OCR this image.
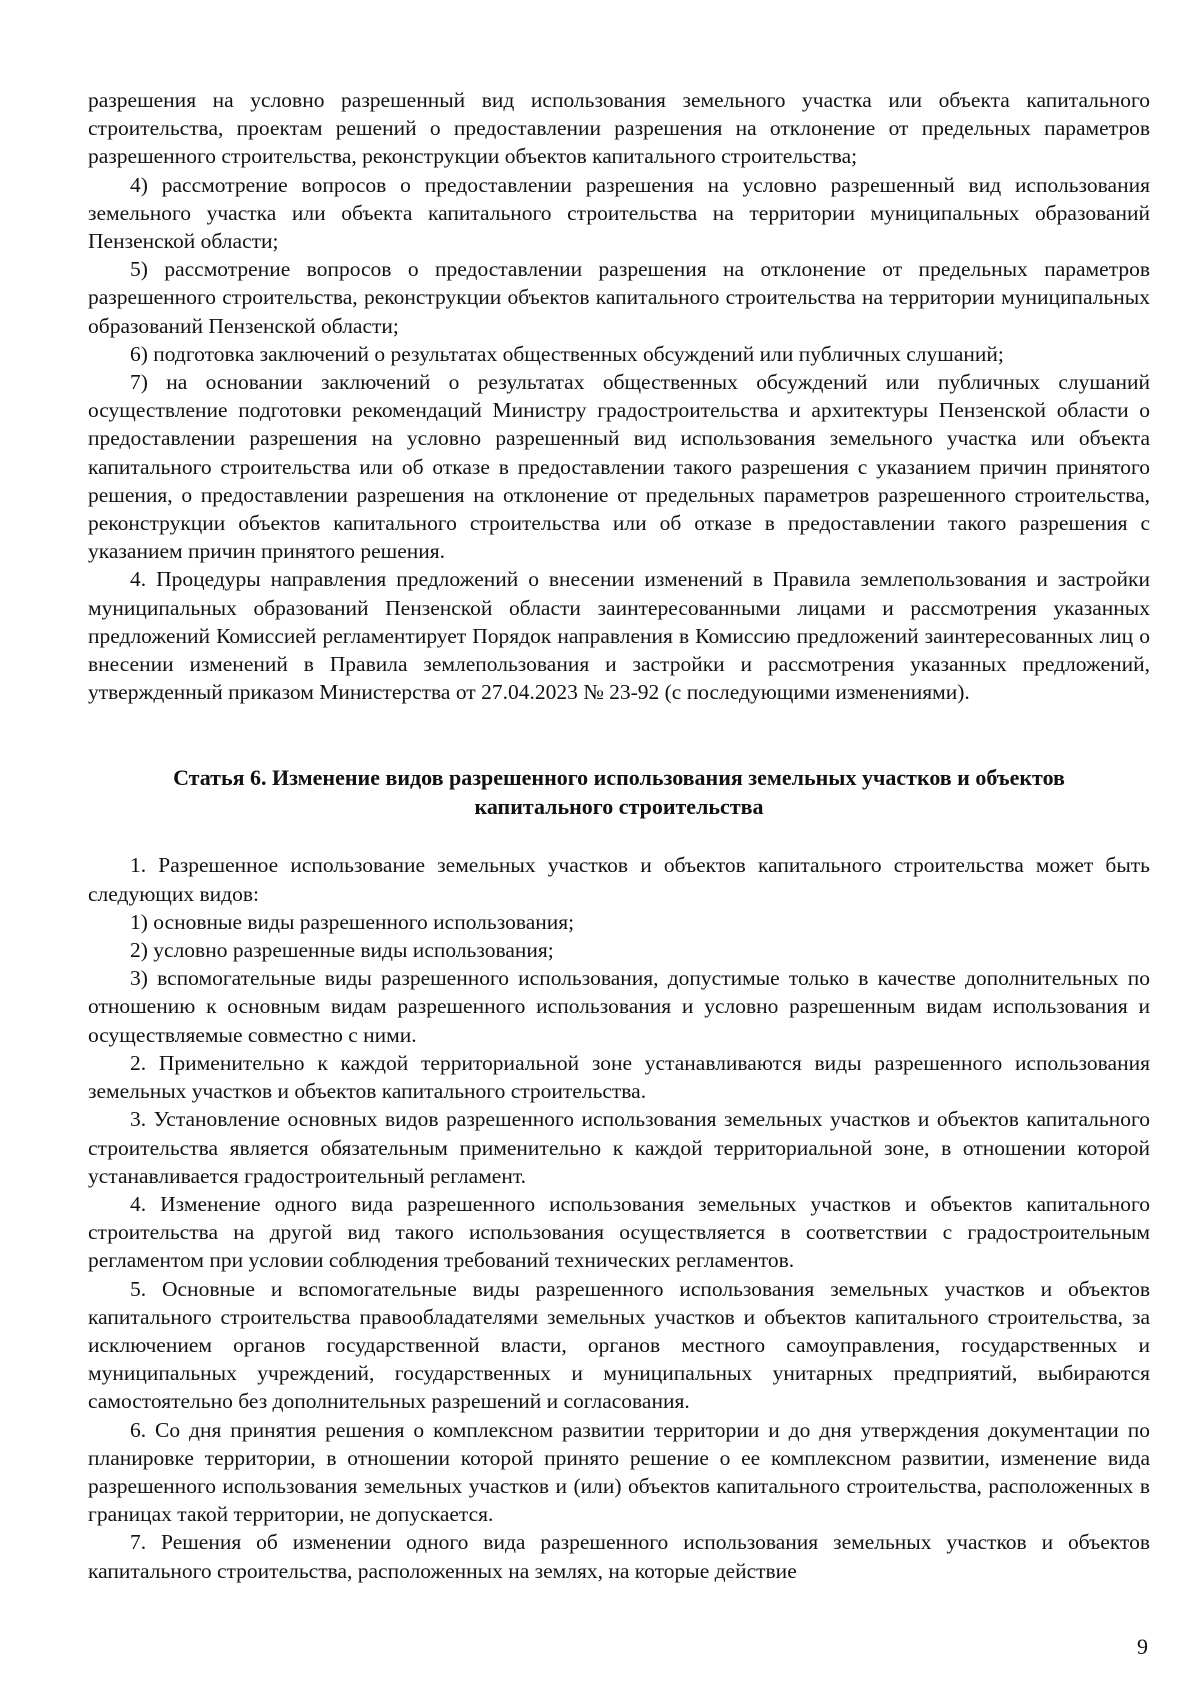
разрешения на условно разрешенный вид использования земельного участка или объекта капитального строительства, проектам решений о предоставлении разрешения на отклонение от предельных параметров разрешенного строительства, реконструкции объектов капитального строительства;

4) рассмотрение вопросов о предоставлении разрешения на условно разрешенный вид использования земельного участка или объекта капитального строительства на территории муниципальных образований Пензенской области;

5) рассмотрение вопросов о предоставлении разрешения на отклонение от предельных параметров разрешенного строительства, реконструкции объектов капитального строительства на территории муниципальных образований Пензенской области;

6) подготовка заключений о результатах общественных обсуждений или публичных слушаний;

7) на основании заключений о результатах общественных обсуждений или публичных слушаний осуществление подготовки рекомендаций Министру градостроительства и архитектуры Пензенской области о предоставлении разрешения на условно разрешенный вид использования земельного участка или объекта капитального строительства или об отказе в предоставлении такого разрешения с указанием причин принятого решения, о предоставлении разрешения на отклонение от предельных параметров разрешенного строительства, реконструкции объектов капитального строительства или об отказе в предоставлении такого разрешения с указанием причин принятого решения.

4. Процедуры направления предложений о внесении изменений в Правила землепользования и застройки муниципальных образований Пензенской области заинтересованными лицами и рассмотрения указанных предложений Комиссией регламентирует Порядок направления в Комиссию предложений заинтересованных лиц о внесении изменений в Правила землепользования и застройки и рассмотрения указанных предложений, утвержденный приказом Министерства от 27.04.2023 № 23-92 (с последующими изменениями).

Статья 6. Изменение видов разрешенного использования земельных участков и объектов капитального строительства

1. Разрешенное использование земельных участков и объектов капитального строительства может быть следующих видов:

1) основные виды разрешенного использования;

2) условно разрешенные виды использования;

3) вспомогательные виды разрешенного использования, допустимые только в качестве дополнительных по отношению к основным видам разрешенного использования и условно разрешенным видам использования и осуществляемые совместно с ними.

2. Применительно к каждой территориальной зоне устанавливаются виды разрешенного использования земельных участков и объектов капитального строительства.

3. Установление основных видов разрешенного использования земельных участков и объектов капитального строительства является обязательным применительно к каждой территориальной зоне, в отношении которой устанавливается градостроительный регламент.

4. Изменение одного вида разрешенного использования земельных участков и объектов капитального строительства на другой вид такого использования осуществляется в соответствии с градостроительным регламентом при условии соблюдения требований технических регламентов.

5. Основные и вспомогательные виды разрешенного использования земельных участков и объектов капитального строительства правообладателями земельных участков и объектов капитального строительства, за исключением органов государственной власти, органов местного самоуправления, государственных и муниципальных учреждений, государственных и муниципальных унитарных предприятий, выбираются самостоятельно без дополнительных разрешений и согласования.

6. Со дня принятия решения о комплексном развитии территории и до дня утверждения документации по планировке территории, в отношении которой принято решение о ее комплексном развитии, изменение вида разрешенного использования земельных участков и (или) объектов капитального строительства, расположенных в границах такой территории, не допускается.

7. Решения об изменении одного вида разрешенного использования земельных участков и объектов капитального строительства, расположенных на землях, на которые действие

9
